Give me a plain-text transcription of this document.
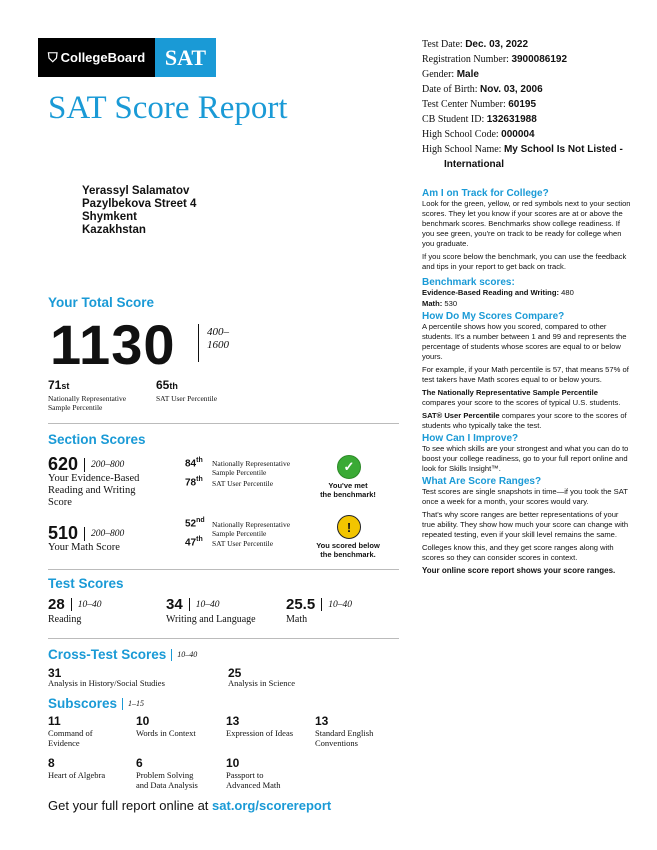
⛉ CollegeBoard SAT
SAT Score Report
Test Date: Dec. 03, 2022
Registration Number: 3900086192
Gender: Male
Date of Birth: Nov. 03, 2006
Test Center Number: 60195
CB Student ID: 132631988
High School Code: 000004
High School Name: My School Is Not Listed -
International
Yerassyl Salamatov
Pazylbekova Street 4
Shymkent
Kazakhstan
Your Total Score
1130	400–
1600
71st
Nationally Representative
Sample Percentile
65th
SAT User Percentile
Section Scores
620 200–800
Your Evidence-Based
Reading and Writing
Score
84th Nationally Representative
Sample Percentile
78th SAT User Percentile
✓
You've met
the benchmark!
510 200–800
Your Math Score
52nd Nationally Representative
Sample Percentile
47th SAT User Percentile
!
You scored below
the benchmark.
Test Scores
28 10–40
Reading
34 10–40
Writing and Language
25.5 10–40
Math
Cross-Test Scores 10–40
31
Analysis in History/Social Studies
25
Analysis in Science
Subscores 1–15
11
Command of
Evidence
10
Words in Context
13
Expression of Ideas
13
Standard English
Conventions
8
Heart of Algebra
6
Problem Solving
and Data Analysis
10
Passport to
Advanced Math
Get your full report online at sat.org/scorereport
Am I on Track for College?

Look for the green, yellow, or red symbols next to your section scores. They let you know if your scores are at or above the benchmark scores. Benchmarks show college readiness. If you see green, you're on track to be ready for college when you graduate.

If you score below the benchmark, you can use the feedback and tips in your report to get back on track.

Benchmark scores:

Evidence-Based Reading and Writing: 480

Math: 530

How Do My Scores Compare?

A percentile shows how you scored, compared to other students. It's a number between 1 and 99 and represents the percentage of students whose scores are equal to or below yours.

For example, if your Math percentile is 57, that means 57% of test takers have Math scores equal to or below yours.

The Nationally Representative Sample Percentile compares your score to the scores of typical U.S. students.

SAT® User Percentile compares your score to the scores of students who typically take the test.

How Can I Improve?

To see which skills are your strongest and what you can do to boost your college readiness, go to your full report online and look for Skills Insight™.

What Are Score Ranges?

Test scores are single snapshots in time—if you took the SAT once a week for a month, your scores would vary.

That's why score ranges are better representations of your true ability. They show how much your score can change with repeated testing, even if your skill level remains the same.

Colleges know this, and they get score ranges along with scores so they can consider scores in context.

Your online score report shows your score ranges.
